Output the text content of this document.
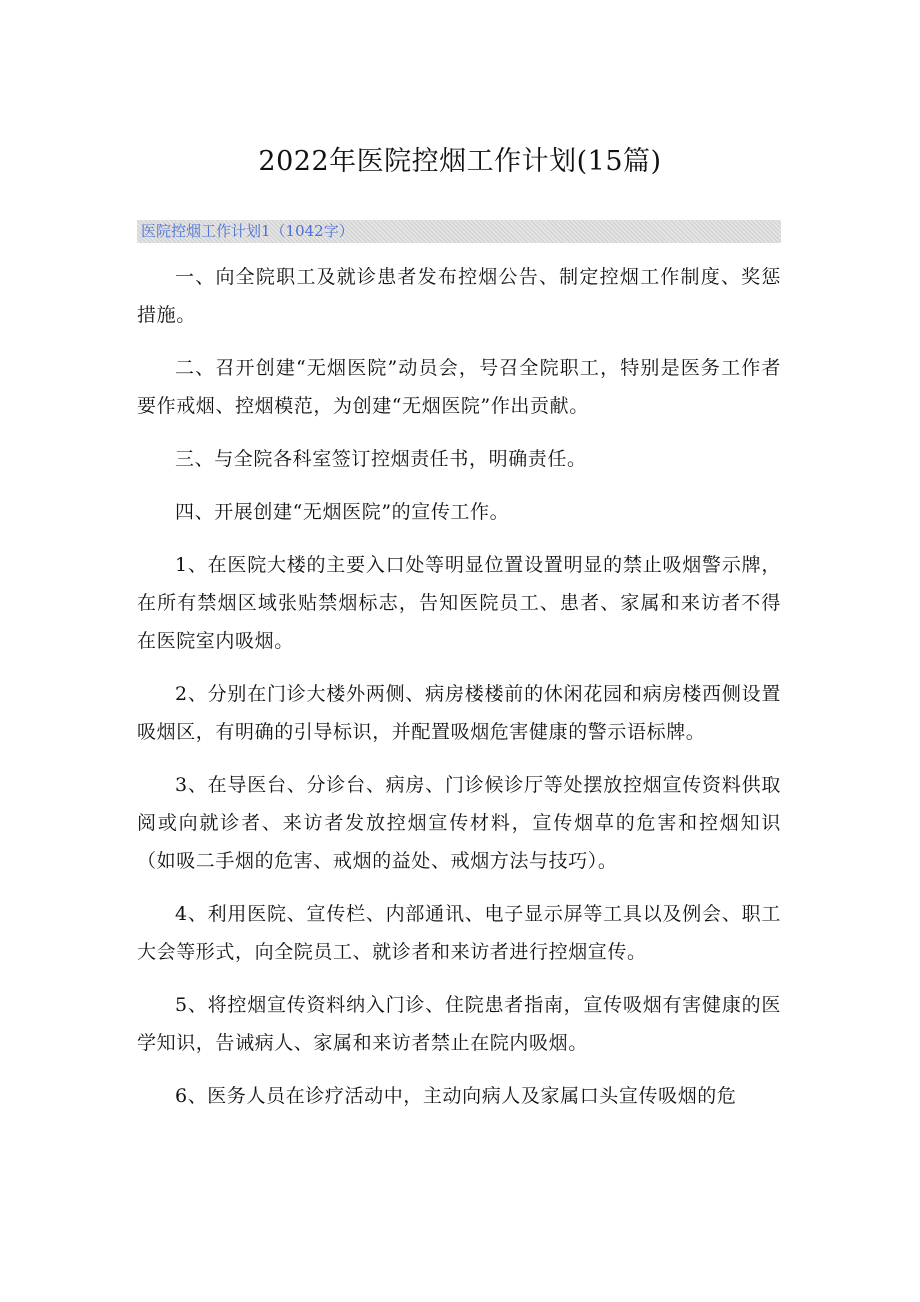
2022年医院控烟工作计划(15篇)
医院控烟工作计划1（1042字）

一、向全院职工及就诊患者发布控烟公告、制定控烟工作制度、奖惩措施。

二、召开创建“无烟医院”动员会，号召全院职工，特别是医务工作者要作戒烟、控烟模范，为创建“无烟医院”作出贡献。

三、与全院各科室签订控烟责任书，明确责任。

四、开展创建“无烟医院”的宣传工作。

1、在医院大楼的主要入口处等明显位置设置明显的禁止吸烟警示牌，在所有禁烟区域张贴禁烟标志，告知医院员工、患者、家属和来访者不得在医院室内吸烟。

2、分别在门诊大楼外两侧、病房楼楼前的休闲花园和病房楼西侧设置吸烟区，有明确的引导标识，并配置吸烟危害健康的警示语标牌。

3、在导医台、分诊台、病房、门诊候诊厅等处摆放控烟宣传资料供取阅或向就诊者、来访者发放控烟宣传材料，宣传烟草的危害和控烟知识（如吸二手烟的危害、戒烟的益处、戒烟方法与技巧）。

4、利用医院、宣传栏、内部通讯、电子显示屏等工具以及例会、职工大会等形式，向全院员工、就诊者和来访者进行控烟宣传。

5、将控烟宣传资料纳入门诊、住院患者指南，宣传吸烟有害健康的医学知识，告诫病人、家属和来访者禁止在院内吸烟。

6、医务人员在诊疗活动中，主动向病人及家属口头宣传吸烟的危
